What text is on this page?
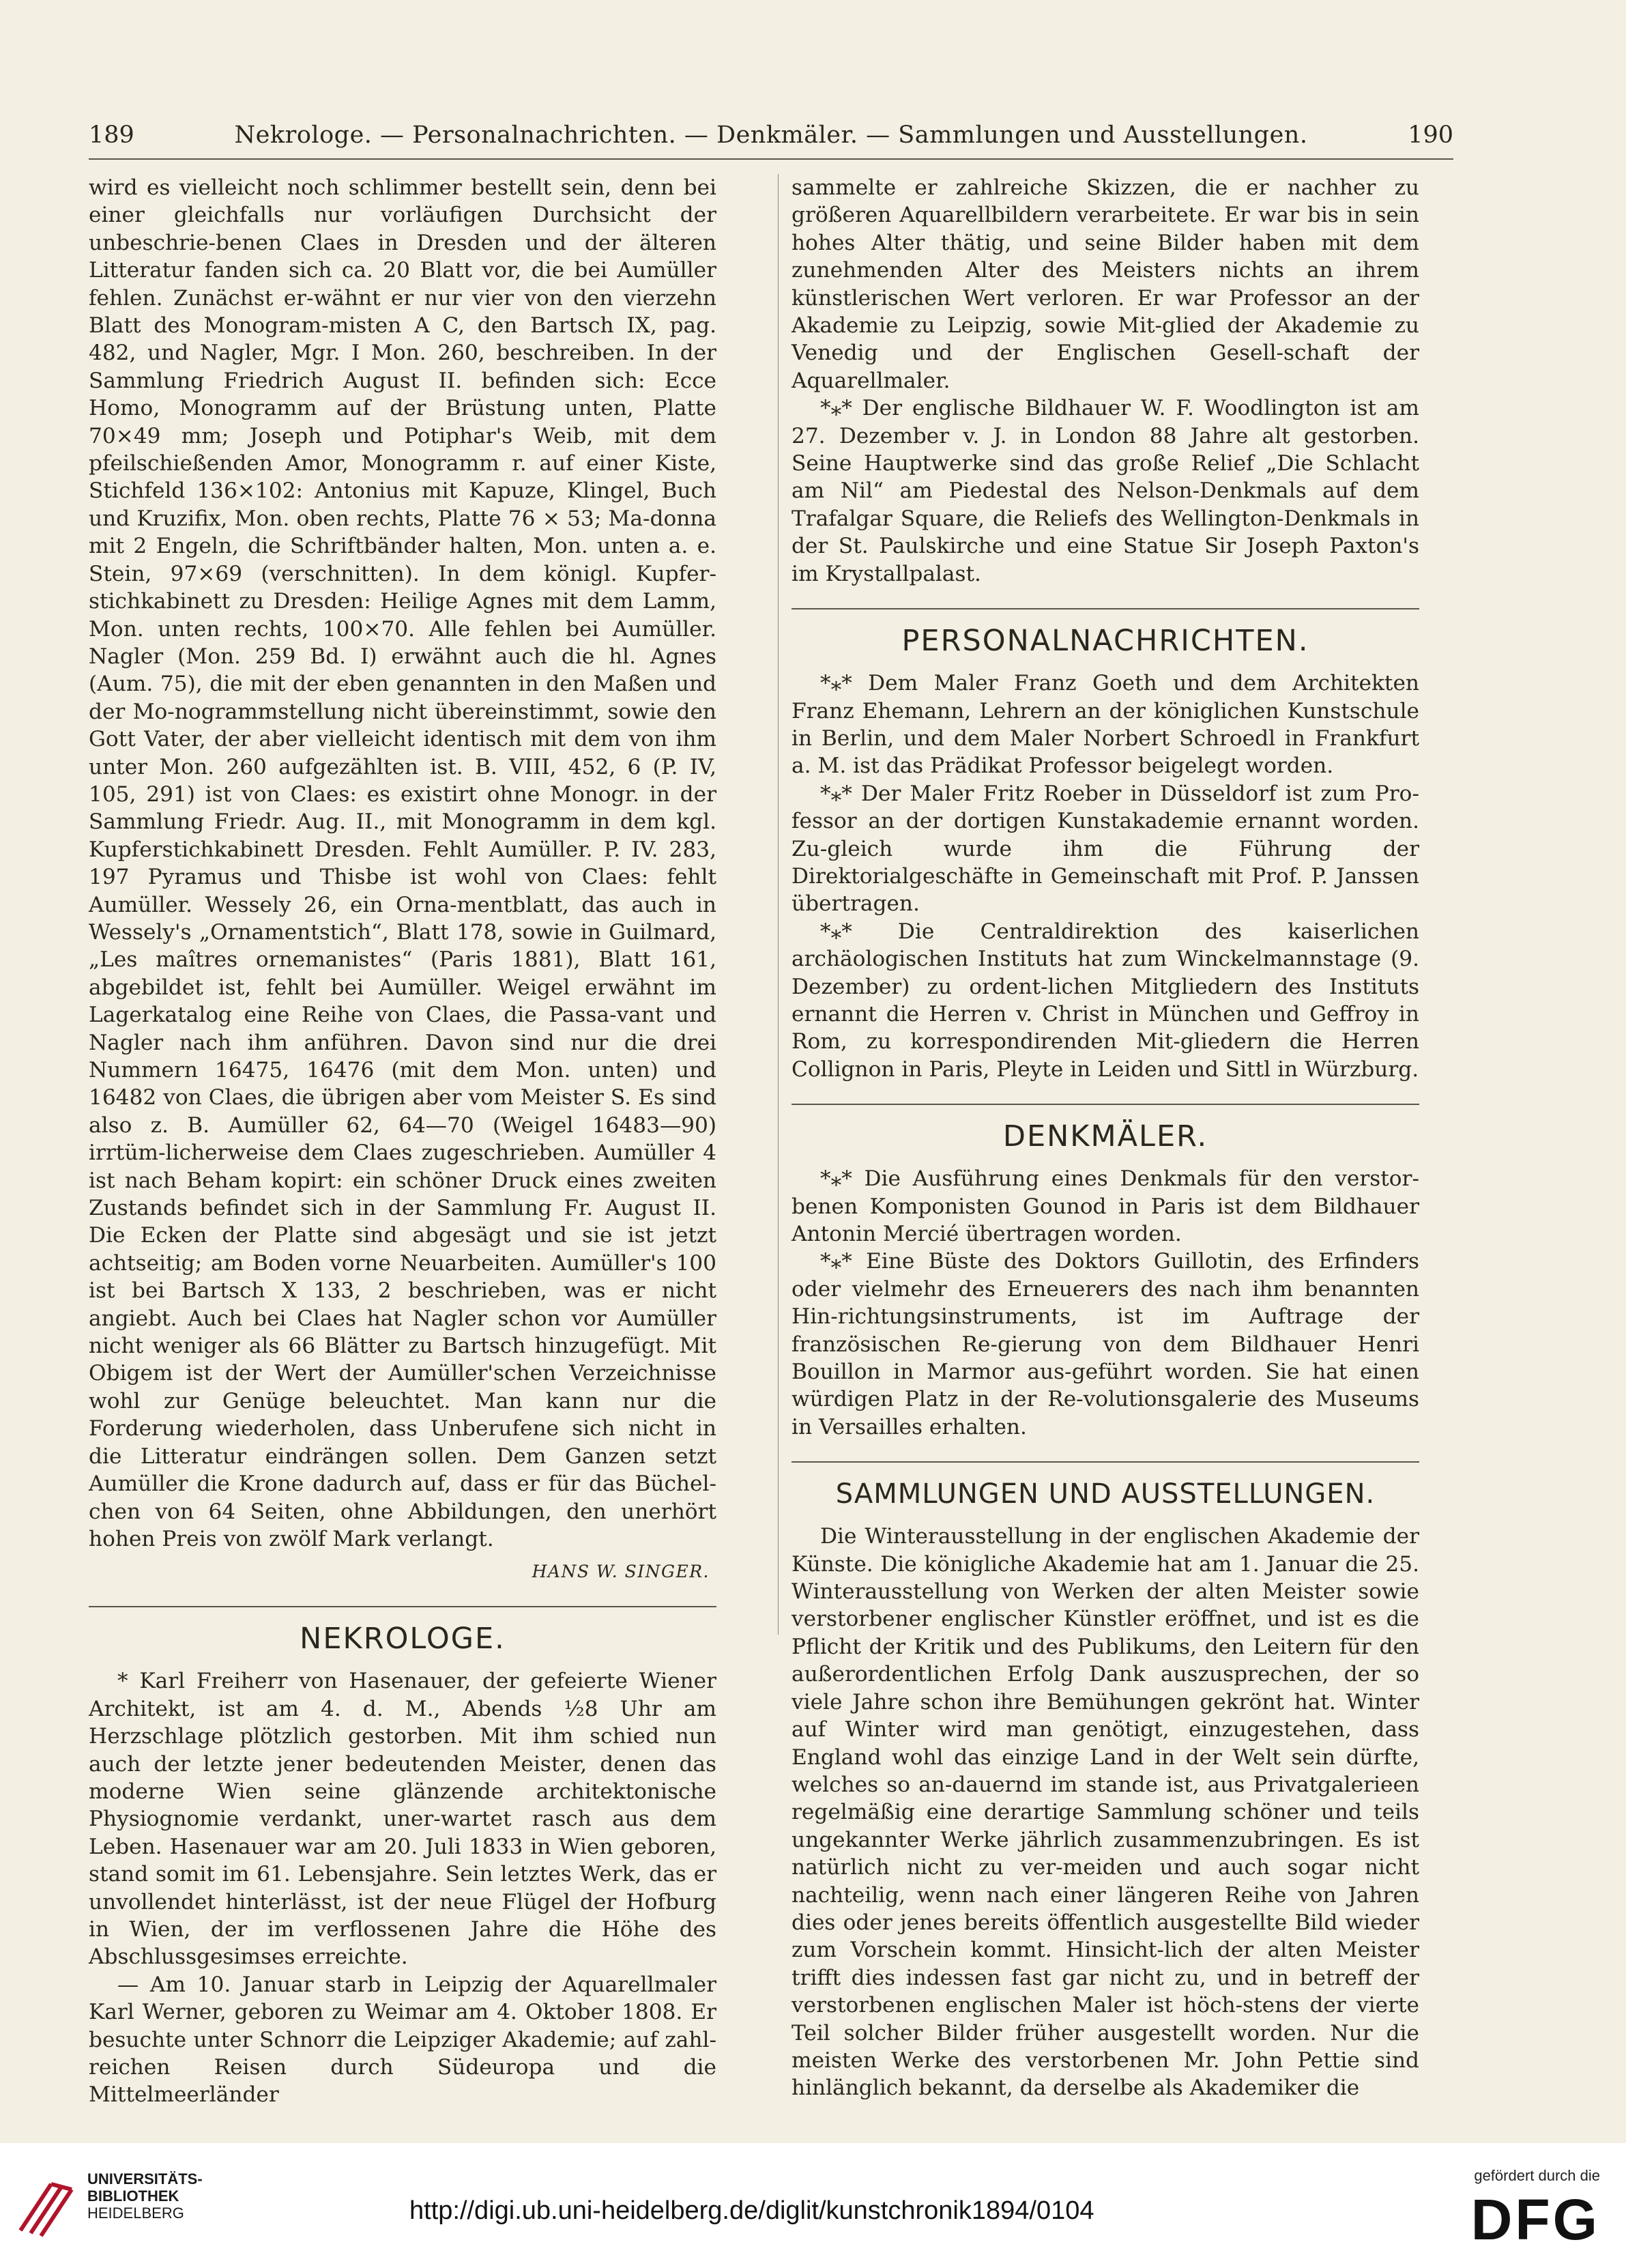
189	Nekrologe. — Personalnachrichten. — Denkmäler. — Sammlungen und Ausstellungen.	190

wird es vielleicht noch schlimmer bestellt sein, denn bei einer gleichfalls nur vorläufigen Durchsicht der unbeschrie-benen Claes in Dresden und der älteren Litteratur fanden sich ca. 20 Blatt vor, die bei Aumüller fehlen. Zunächst er-wähnt er nur vier von den vierzehn Blatt des Monogram-misten A C, den Bartsch IX, pag. 482, und Nagler, Mgr. I Mon. 260, beschreiben. In der Sammlung Friedrich August II. befinden sich: Ecce Homo, Monogramm auf der Brüstung unten, Platte 70×49 mm; Joseph und Potiphar's Weib, mit dem pfeilschießenden Amor, Monogramm r. auf einer Kiste, Stichfeld 136×102: Antonius mit Kapuze, Klingel, Buch und Kruzifix, Mon. oben rechts, Platte 76 × 53; Ma-donna mit 2 Engeln, die Schriftbänder halten, Mon. unten a. e. Stein, 97×69 (verschnitten). In dem königl. Kupfer-stichkabinett zu Dresden: Heilige Agnes mit dem Lamm, Mon. unten rechts, 100×70. Alle fehlen bei Aumüller. Nagler (Mon. 259 Bd. I) erwähnt auch die hl. Agnes (Aum. 75), die mit der eben genannten in den Maßen und der Mo-nogrammstellung nicht übereinstimmt, sowie den Gott Vater, der aber vielleicht identisch mit dem von ihm unter Mon. 260 aufgezählten ist. B. VIII, 452, 6 (P. IV, 105, 291) ist von Claes: es existirt ohne Monogr. in der Sammlung Friedr. Aug. II., mit Monogramm in dem kgl. Kupferstichkabinett Dresden. Fehlt Aumüller. P. IV. 283, 197 Pyramus und Thisbe ist wohl von Claes: fehlt Aumüller. Wessely 26, ein Orna-mentblatt, das auch in Wessely's „Ornamentstich“, Blatt 178, sowie in Guilmard, „Les maîtres ornemanistes“ (Paris 1881), Blatt 161, abgebildet ist, fehlt bei Aumüller. Weigel erwähnt im Lagerkatalog eine Reihe von Claes, die Passa-vant und Nagler nach ihm anführen. Davon sind nur die drei Nummern 16475, 16476 (mit dem Mon. unten) und 16482 von Claes, die übrigen aber vom Meister S. Es sind also z. B. Aumüller 62, 64—70 (Weigel 16483—90) irrtüm-licherweise dem Claes zugeschrieben. Aumüller 4 ist nach Beham kopirt: ein schöner Druck eines zweiten Zustands befindet sich in der Sammlung Fr. August II. Die Ecken der Platte sind abgesägt und sie ist jetzt achtseitig; am Boden vorne Neuarbeiten. Aumüller's 100 ist bei Bartsch X 133, 2 beschrieben, was er nicht angiebt. Auch bei Claes hat Nagler schon vor Aumüller nicht weniger als 66 Blätter zu Bartsch hinzugefügt. Mit Obigem ist der Wert der Aumüller'schen Verzeichnisse wohl zur Genüge beleuchtet. Man kann nur die Forderung wiederholen, dass Unberufene sich nicht in die Litteratur eindrängen sollen. Dem Ganzen setzt Aumüller die Krone dadurch auf, dass er für das Büchel-chen von 64 Seiten, ohne Abbildungen, den unerhört hohen Preis von zwölf Mark verlangt.

HANS W. SINGER.
NEKROLOGE.

* Karl Freiherr von Hasenauer, der gefeierte Wiener Architekt, ist am 4. d. M., Abends ½8 Uhr am Herzschlage plötzlich gestorben. Mit ihm schied nun auch der letzte jener bedeutenden Meister, denen das moderne Wien seine glänzende architektonische Physiognomie verdankt, uner-wartet rasch aus dem Leben. Hasenauer war am 20. Juli 1833 in Wien geboren, stand somit im 61. Lebensjahre. Sein letztes Werk, das er unvollendet hinterlässt, ist der neue Flügel der Hofburg in Wien, der im verflossenen Jahre die Höhe des Abschlussgesimses erreichte.

— Am 10. Januar starb in Leipzig der Aquarellmaler Karl Werner, geboren zu Weimar am 4. Oktober 1808. Er besuchte unter Schnorr die Leipziger Akademie; auf zahl-reichen Reisen durch Südeuropa und die Mittelmeerländer

sammelte er zahlreiche Skizzen, die er nachher zu größeren Aquarellbildern verarbeitete. Er war bis in sein hohes Alter thätig, und seine Bilder haben mit dem zunehmenden Alter des Meisters nichts an ihrem künstlerischen Wert verloren. Er war Professor an der Akademie zu Leipzig, sowie Mit-glied der Akademie zu Venedig und der Englischen Gesell-schaft der Aquarellmaler.

*⁎* Der englische Bildhauer W. F. Woodlington ist am 27. Dezember v. J. in London 88 Jahre alt gestorben. Seine Hauptwerke sind das große Relief „Die Schlacht am Nil“ am Piedestal des Nelson-Denkmals auf dem Trafalgar Square, die Reliefs des Wellington-Denkmals in der St. Paulskirche und eine Statue Sir Joseph Paxton's im Krystallpalast.

PERSONALNACHRICHTEN.

*⁎* Dem Maler Franz Goeth und dem Architekten Franz Ehemann, Lehrern an der königlichen Kunstschule in Berlin, und dem Maler Norbert Schroedl in Frankfurt a. M. ist das Prädikat Professor beigelegt worden.

*⁎* Der Maler Fritz Roeber in Düsseldorf ist zum Pro-fessor an der dortigen Kunstakademie ernannt worden. Zu-gleich wurde ihm die Führung der Direktorialgeschäfte in Gemeinschaft mit Prof. P. Janssen übertragen.

*⁎* Die Centraldirektion des kaiserlichen archäologischen Instituts hat zum Winckelmannstage (9. Dezember) zu ordent-lichen Mitgliedern des Instituts ernannt die Herren v. Christ in München und Geffroy in Rom, zu korrespondirenden Mit-gliedern die Herren Collignon in Paris, Pleyte in Leiden und Sittl in Würzburg.

DENKMÄLER.

*⁎* Die Ausführung eines Denkmals für den verstor-benen Komponisten Gounod in Paris ist dem Bildhauer Antonin Mercié übertragen worden.

*⁎* Eine Büste des Doktors Guillotin, des Erfinders oder vielmehr des Erneuerers des nach ihm benannten Hin-richtungsinstruments, ist im Auftrage der französischen Re-gierung von dem Bildhauer Henri Bouillon in Marmor aus-geführt worden. Sie hat einen würdigen Platz in der Re-volutionsgalerie des Museums in Versailles erhalten.

SAMMLUNGEN UND AUSSTELLUNGEN.

Die Winterausstellung in der englischen Akademie der Künste. Die königliche Akademie hat am 1. Januar die 25. Winterausstellung von Werken der alten Meister sowie verstorbener englischer Künstler eröffnet, und ist es die Pflicht der Kritik und des Publikums, den Leitern für den außerordentlichen Erfolg Dank auszusprechen, der so viele Jahre schon ihre Bemühungen gekrönt hat. Winter auf Winter wird man genötigt, einzugestehen, dass England wohl das einzige Land in der Welt sein dürfte, welches so an-dauernd im stande ist, aus Privatgalerieen regelmäßig eine derartige Sammlung schöner und teils ungekannter Werke jährlich zusammenzubringen. Es ist natürlich nicht zu ver-meiden und auch sogar nicht nachteilig, wenn nach einer längeren Reihe von Jahren dies oder jenes bereits öffentlich ausgestellte Bild wieder zum Vorschein kommt. Hinsicht-lich der alten Meister trifft dies indessen fast gar nicht zu, und in betreff der verstorbenen englischen Maler ist höch-stens der vierte Teil solcher Bilder früher ausgestellt worden. Nur die meisten Werke des verstorbenen Mr. John Pettie sind hinlänglich bekannt, da derselbe als Akademiker die

UNIVERSITÄTS-
BIBLIOTHEK
HEIDELBERG	http://digi.ub.uni-heidelberg.de/diglit/kunstchronik1894/0104
gefördert durch die
DFG
